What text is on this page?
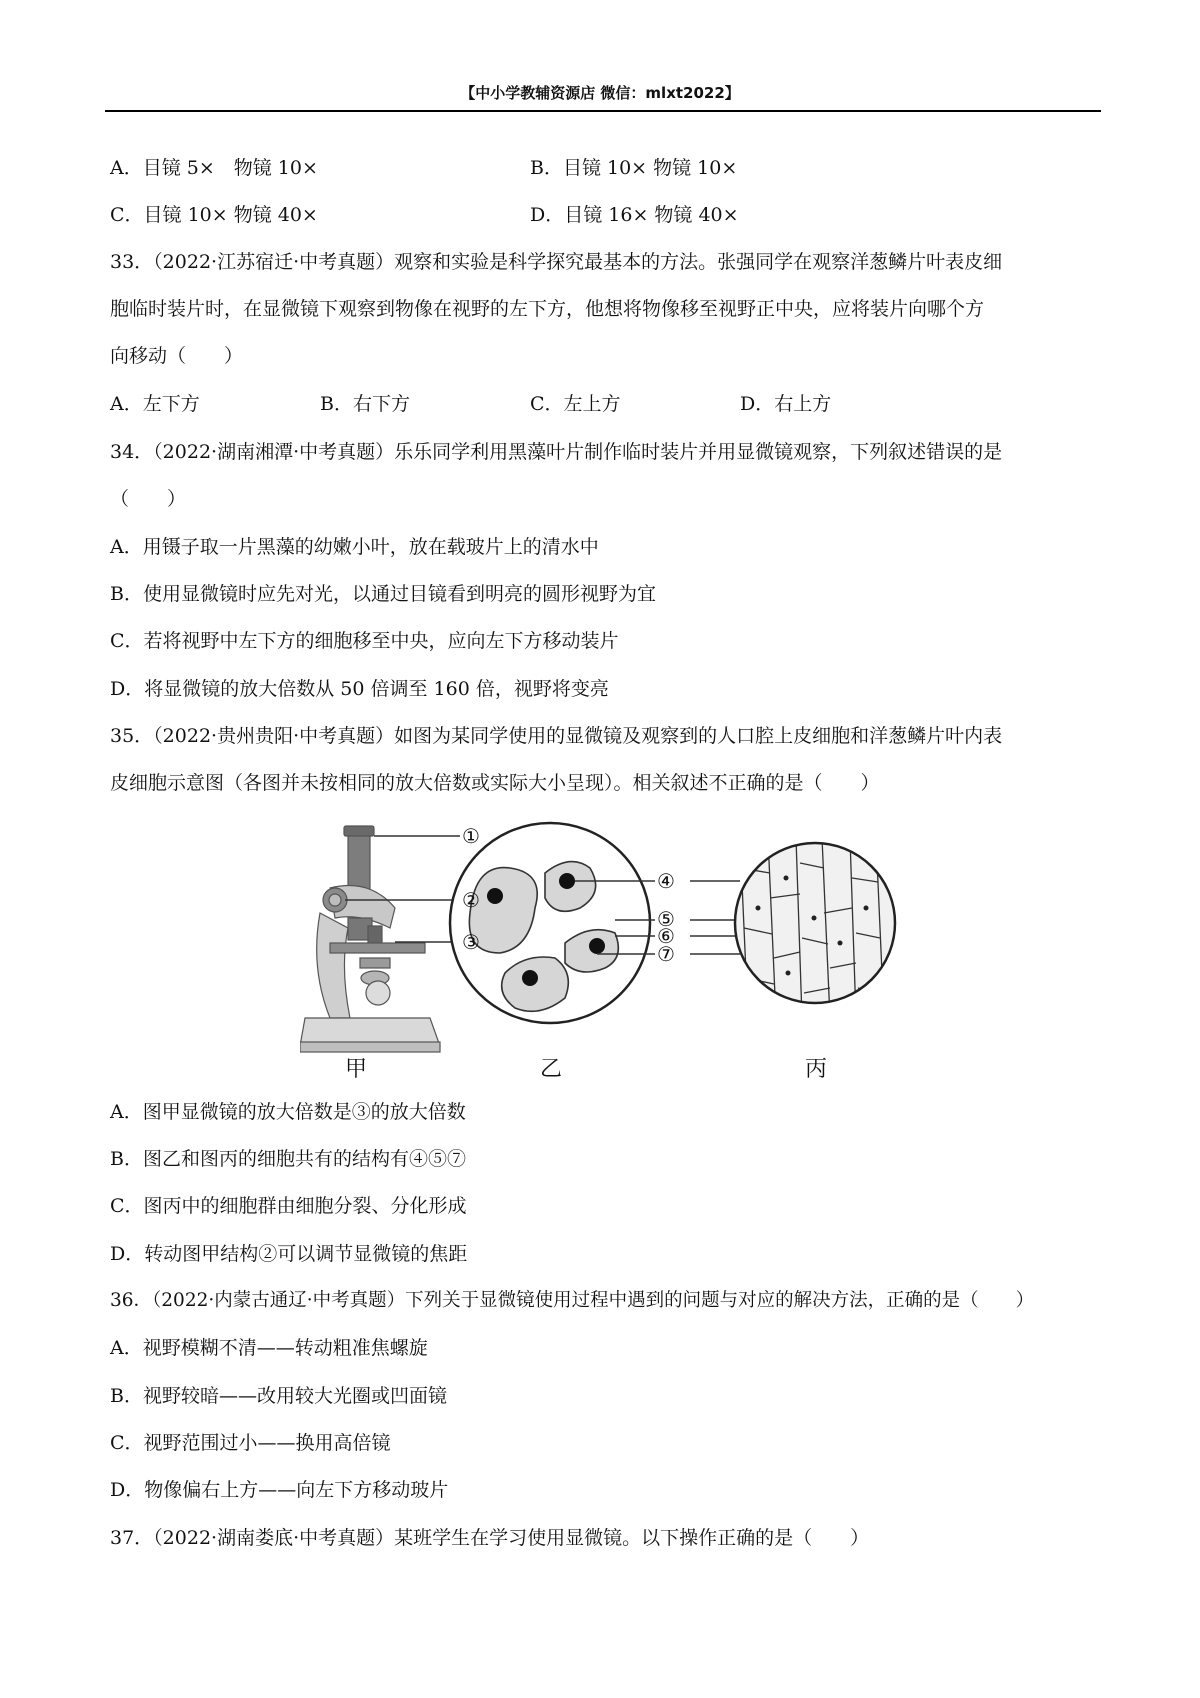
【中小学教辅资源店 微信：mlxt2022】
A．目镜 5×　物镜 10×	B．目镜 10× 物镜 10×
C．目镜 10× 物镜 40×	D．目镜 16× 物镜 40×
33．（2022·江苏宿迁·中考真题）观察和实验是科学探究最基本的方法。张强同学在观察洋葱鳞片叶表皮细
胞临时装片时，在显微镜下观察到物像在视野的左下方，他想将物像移至视野正中央，应将装片向哪个方
向移动（　　）
A．左下方	B．右下方	C．左上方	D．右上方
34．（2022·湖南湘潭·中考真题）乐乐同学利用黑藻叶片制作临时装片并用显微镜观察，下列叙述错误的是
（　　）
A．用镊子取一片黑藻的幼嫩小叶，放在载玻片上的清水中
B．使用显微镜时应先对光，以通过目镜看到明亮的圆形视野为宜
C．若将视野中左下方的细胞移至中央，应向左下方移动装片
D．将显微镜的放大倍数从 50 倍调至 160 倍，视野将变亮
35．（2022·贵州贵阳·中考真题）如图为某同学使用的显微镜及观察到的人口腔上皮细胞和洋葱鳞片叶内表
皮细胞示意图（各图并未按相同的放大倍数或实际大小呈现）。相关叙述不正确的是（　　）
①
②
③
④
⑤
⑥
⑦
甲	乙	丙
A．图甲显微镜的放大倍数是③的放大倍数
B．图乙和图丙的细胞共有的结构有④⑤⑦
C．图丙中的细胞群由细胞分裂、分化形成
D．转动图甲结构②可以调节显微镜的焦距
36．（2022·内蒙古通辽·中考真题）下列关于显微镜使用过程中遇到的问题与对应的解决方法，正确的是（　　）
A．视野模糊不清——转动粗准焦螺旋
B．视野较暗——改用较大光圈或凹面镜
C．视野范围过小——换用高倍镜
D．物像偏右上方——向左下方移动玻片
37．（2022·湖南娄底·中考真题）某班学生在学习使用显微镜。以下操作正确的是（　　）
